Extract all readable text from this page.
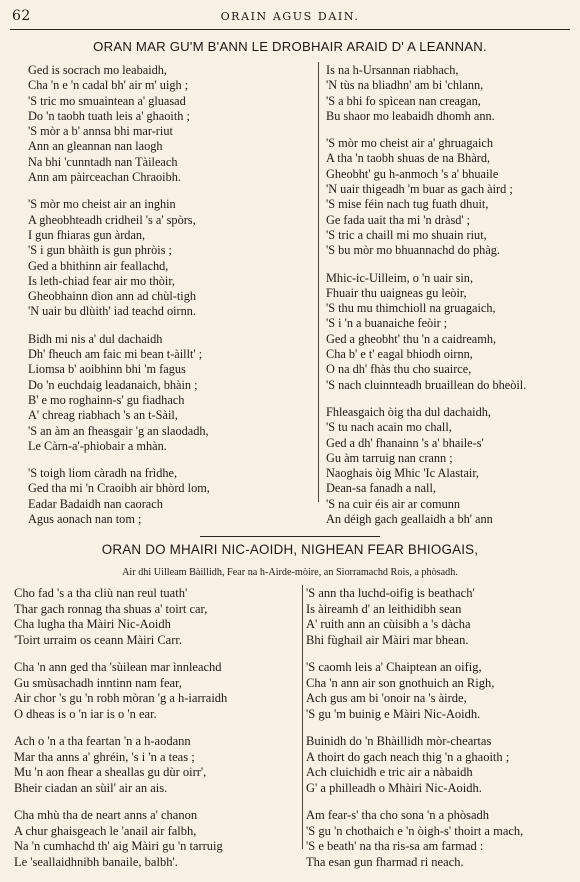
62	ORAIN AGUS DAIN.
ORAN MAR GU'M B'ANN LE DROBHAIR ARAID D' A LEANNAN.
Ged is socrach mo leabaidh,
Cha 'n e 'n cadal bh' air m' uigh ;
'S tric mo smuaintean a' gluasad
Do 'n taobh tuath leis a' ghaoith ;
'S mòr a b' annsa bhi mar-riut
Ann an gleannan nan laogh
Na bhi 'cunntadh nan Tàileach
Ann am pàirceachan Chraoibh.
'S mòr mo cheist air an inghin
A gheobhteadh cridheil 's a' spòrs,
I gun fhiaras gun àrdan,
'S i gun bhàith is gun phròis ;
Ged a bhithinn air feallachd,
Is leth-chiad fear air mo thòir,
Gheobhainn dìon ann ad chùl-tigh
'N uair bu dlùith' iad teachd oirnn.
Bidh mi nis a' dul dachaidh
Dh' fheuch am faic mi bean t-àillt' ;
Liomsa b' aoibhinn bhi 'm fagus
Do 'n euchdaig leadanaich, bhàin ;
B' e mo roghainn-s' gu fiadhach
A' chreag riabhach 's an t-Sàil,
'S an àm an fheasgair 'g an slaodadh,
Le Càrn-a'-phiobair a mhàn.
'S toigh liom càradh na frìdhe,
Ged tha mi 'n Craoibh air bhòrd lom,
Eadar Badaidh nan caorach
Agus aonach nan tom ;
Is na h-Ursannan riabhach,
'N tùs na bliadhn' am bi 'chlann,
'S a bhi fo spìcean nan creagan,
Bu shaor mo leabaidh dhomh ann.
'S mòr mo cheist air a' ghruagaich
A tha 'n taobh shuas de na Bhàrd,
Gheobht' gu h-anmoch 's a' bhuaile
'N uair thigeadh 'm buar as gach àird ;
'S mise féin nach tug fuath dhuit,
Ge fada uait tha mi 'n dràsd' ;
'S tric a chaill mi mo shuain riut,
'S bu mòr mo bhuannachd do phàg.
Mhic-ic-Uilleim, o 'n uair sin,
Fhuair thu uaigneas gu leòir,
'S thu mu thimchioll na gruagaich,
'S i 'n a buanaiche feòir ;
Ged a gheobht' thu 'n a caidreamh,
Cha b' e t' eagal bhiodh oirnn,
O na dh' fhàs thu cho suairce,
'S nach cluinnteadh bruaillean do bheòil.
Fhleasgaich òig tha dul dachaidh,
'S tu nach acain mo chall,
Ged a dh' fhanainn 's a' bhaile-s'
Gu àm tarruig nan crann ;
Naoghais òig Mhic 'Ic Alastair,
Dean-sa fanadh a nall,
'S na cuir éis air ar comunn
An déigh gach geallaidh a bh' ann
ORAN DO MHAIRI NIC-AOIDH, NIGHEAN FEAR BHIOGAIS,
Air dhi Uilleam Bàillidh, Fear na h-Airde-mòire, an Siorramachd Rois, a phòsadh.
Cho fad 's a tha cliù nan reul tuath'
Thar gach ronnag tha shuas a' toirt car,
Cha lugha tha Màiri Nic-Aoidh
'Toirt urraim os ceann Màiri Carr.
Cha 'n ann ged tha 'sùilean mar ìnnleachd
Gu smùsachadh inntinn nam fear,
Air chor 's gu 'n robh mòran 'g a h-iarraidh
O dheas is o 'n iar is o 'n ear.
Ach o 'n a tha feartan 'n a h-aodann
Mar tha anns a' ghréin, 's i 'n a teas ;
Mu 'n aon fhear a sheallas gu dùr oirr',
Bheir ciadan an sùil' air an ais.
Cha mhù tha de neart anns a' chanon
A chur ghaisgeach le 'anail air falbh,
Na 'n cumhachd th' aig Màiri gu 'n tarruig
Le 'seallaidhnibh banaile, balbh'.
'S ann tha luchd-oifig is beathach'
Is àireamh d' an leithidibh sean
A' ruith ann an cùisibh a 's dàcha
Bhi fùghail air Màiri mar bhean.
'S caomh leis a' Chaiptean an oifig,
Cha 'n ann air son gnothuich an Righ,
Ach gus am bi 'onoir na 's àirde,
'S gu 'm buinig e Màiri Nic-Aoidh.
Buinidh do 'n Bhàillidh mòr-cheartas
A thoirt do gach neach thig 'n a ghaoith ;
Ach cluichidh e tric air a nàbaidh
G' a philleadh o Mhàiri Nic-Aoidh.
Am fear-s' tha cho sona 'n a phòsadh
'S gu 'n chothaich e 'n òigh-s' thoirt a mach,
'S e beath' na tha ris-sa am farmad :
Tha esan gun fharmad ri neach.
